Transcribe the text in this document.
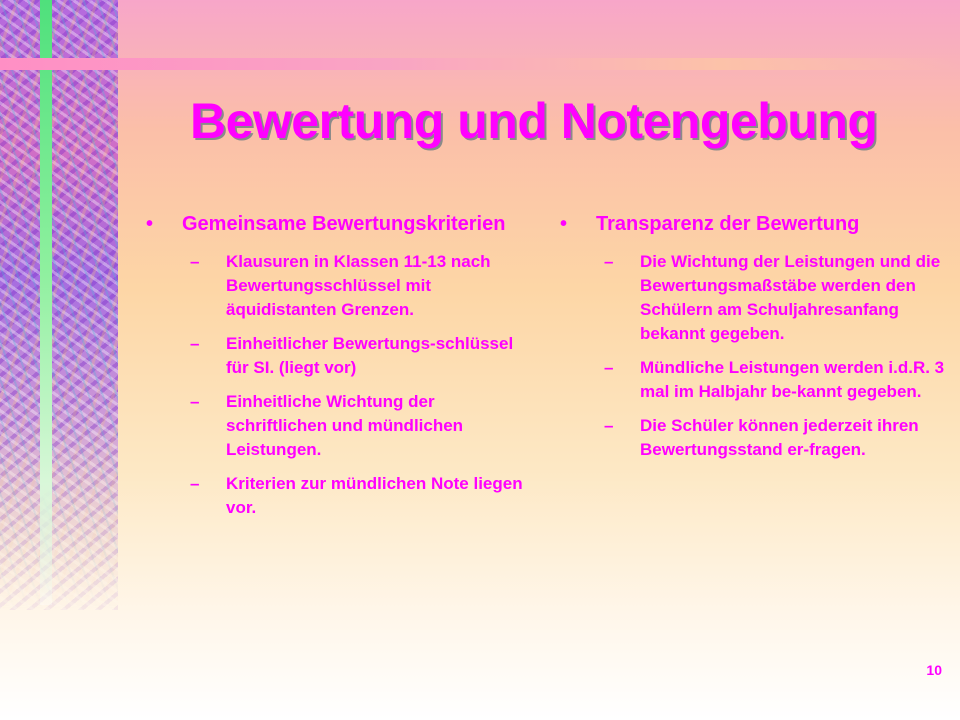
Bewertung und Notengebung
• Gemeinsame Bewertungskriterien
– Klausuren in Klassen 11-13 nach Bewertungsschlüssel mit äquidistanten Grenzen.
– Einheitlicher Bewertungs-schlüssel für SI. (liegt vor)
– Einheitliche Wichtung der schriftlichen und mündlichen Leistungen.
– Kriterien zur mündlichen Note liegen vor.
• Transparenz der Bewertung
– Die Wichtung der Leistungen und die Bewertungsmaßstäbe werden den Schülern am Schuljahresanfang bekannt gegeben.
– Mündliche Leistungen werden i.d.R. 3 mal im Halbjahr be-kannt gegeben.
– Die Schüler können jederzeit ihren Bewertungsstand er-fragen.
10
